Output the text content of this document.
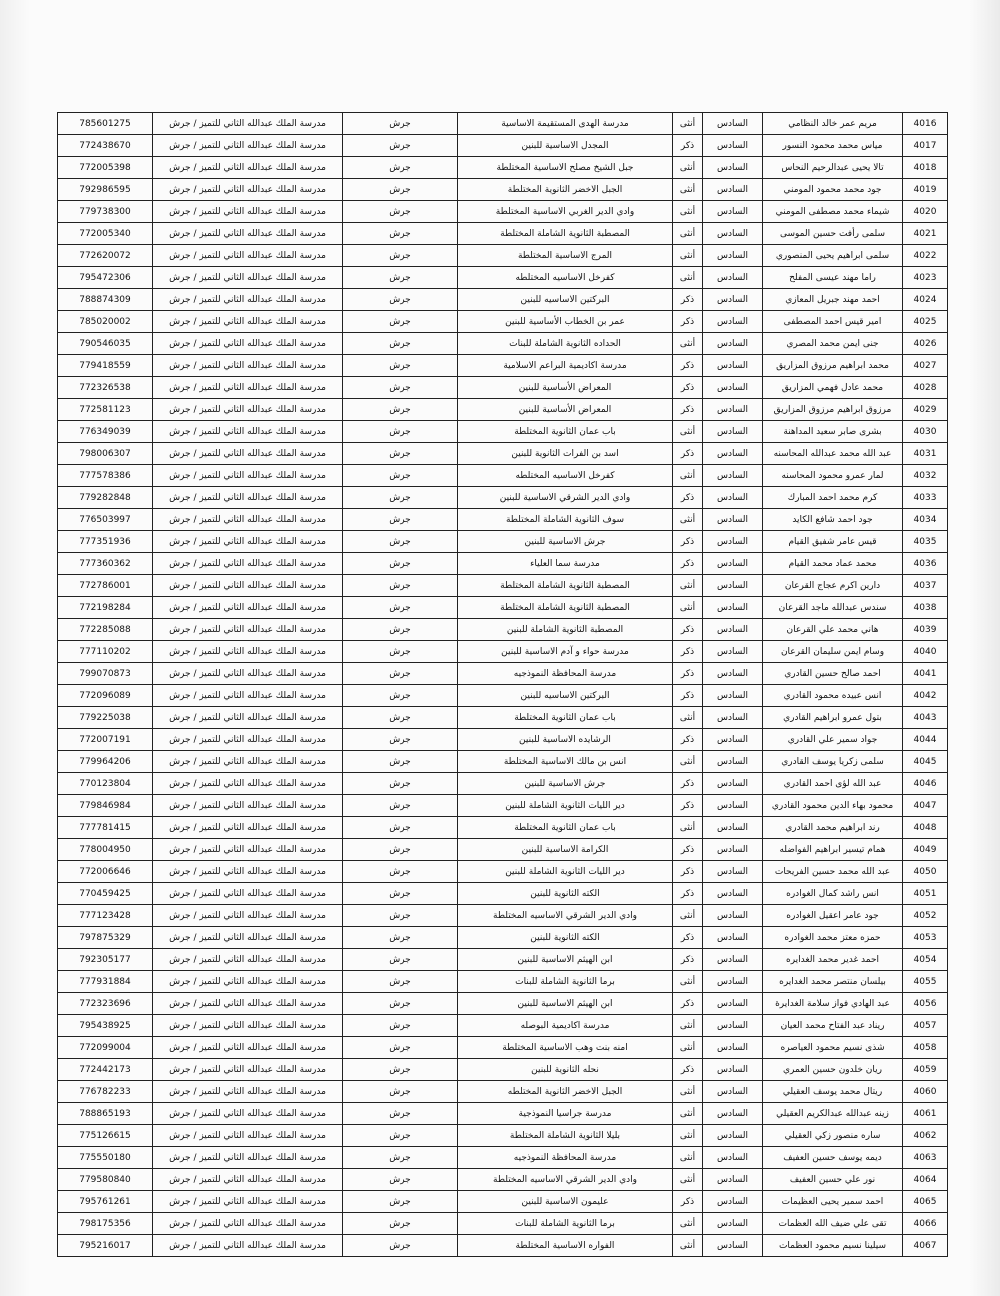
4016	مريم عمر خالد النظامي	السادس	أنثى	مدرسة الهدى المستقيمة الاساسية	جرش	مدرسة الملك عبدالله الثاني للتميز / جرش	785601275
4017	مياس محمد محمود النسور	السادس	ذكر	المجدل الاساسية للبنين	جرش	مدرسة الملك عبدالله الثاني للتميز / جرش	772438670
4018	تالا يحيى عبدالرحيم النحاس	السادس	أنثى	جبل الشيخ مصلح الاساسية المختلطة	جرش	مدرسة الملك عبدالله الثاني للتميز / جرش	772005398
4019	جود محمد محمود المومني	السادس	أنثى	الجبل الاخضر الثانوية المختلطة	جرش	مدرسة الملك عبدالله الثاني للتميز / جرش	792986595
4020	شيماء محمد مصطفى المومني	السادس	أنثى	وادي الدير الغربي الاساسية المختلطة	جرش	مدرسة الملك عبدالله الثاني للتميز / جرش	779738300
4021	سلمى رأفت حسين الموسى	السادس	أنثى	المصطبة الثانوية الشاملة المختلطة	جرش	مدرسة الملك عبدالله الثاني للتميز / جرش	772005340
4022	سلمى ابراهيم يحيى المنصوري	السادس	أنثى	المرج الاساسية المختلطة	جرش	مدرسة الملك عبدالله الثاني للتميز / جرش	772620072
4023	راما مهند عيسى المفلح	السادس	أنثى	كفرخل الاساسيه المختلطه	جرش	مدرسة الملك عبدالله الثاني للتميز / جرش	795472306
4024	احمد مهند جبريل المعازي	السادس	ذكر	البركتين الاساسيه للبنين	جرش	مدرسة الملك عبدالله الثاني للتميز / جرش	788874309
4025	امير قيس احمد المصطفى	السادس	ذكر	عمر بن الخطاب الأساسية للبنين	جرش	مدرسة الملك عبدالله الثاني للتميز / جرش	785020002
4026	جنى ايمن محمد المصري	السادس	أنثى	الحداده الثانوية الشاملة للبنات	جرش	مدرسة الملك عبدالله الثاني للتميز / جرش	790546035
4027	محمد ابراهيم مرزوق المزاريق	السادس	ذكر	مدرسة اكاديمية البراعم الاسلامية	جرش	مدرسة الملك عبدالله الثاني للتميز / جرش	779418559
4028	محمد عادل فهمي المزاريق	السادس	ذكر	المعراض الأساسية للبنين	جرش	مدرسة الملك عبدالله الثاني للتميز / جرش	772326538
4029	مرزوق ابراهيم مرزوق المزاريق	السادس	ذكر	المعراض الأساسية للبنين	جرش	مدرسة الملك عبدالله الثاني للتميز / جرش	772581123
4030	بشرى صابر سعيد المداهنة	السادس	أنثى	باب عمان الثانوية المختلطة	جرش	مدرسة الملك عبدالله الثاني للتميز / جرش	776349039
4031	عبد الله محمد عبدالله المحاسنه	السادس	ذكر	اسد بن الفرات الثانوية للبنين	جرش	مدرسة الملك عبدالله الثاني للتميز / جرش	798006307
4032	لمار عمرو محمود المحاسنه	السادس	أنثى	كفرخل الاساسيه المختلطه	جرش	مدرسة الملك عبدالله الثاني للتميز / جرش	777578386
4033	كرم محمد احمد المبارك	السادس	ذكر	وادي الدير الشرقي الاساسية للبنين	جرش	مدرسة الملك عبدالله الثاني للتميز / جرش	779282848
4034	جود احمد شافع الكايد	السادس	أنثى	سوف الثانوية الشاملة المختلطة	جرش	مدرسة الملك عبدالله الثاني للتميز / جرش	776503997
4035	قيس عامر شفيق القيام	السادس	ذكر	جرش الاساسية للبنين	جرش	مدرسة الملك عبدالله الثاني للتميز / جرش	777351936
4036	محمد عماد محمد القيام	السادس	ذكر	مدرسة سما العلياء	جرش	مدرسة الملك عبدالله الثاني للتميز / جرش	777360362
4037	دارين اكرم عجاج القرعان	السادس	أنثى	المصطبة الثانوية الشاملة المختلطة	جرش	مدرسة الملك عبدالله الثاني للتميز / جرش	772786001
4038	سندس عبدالله ماجد القرعان	السادس	أنثى	المصطبة الثانوية الشاملة المختلطة	جرش	مدرسة الملك عبدالله الثاني للتميز / جرش	772198284
4039	هاني محمد علي القرعان	السادس	ذكر	المصطبة الثانوية الشاملة للبنين	جرش	مدرسة الملك عبدالله الثاني للتميز / جرش	772285088
4040	وسام ايمن سليمان القرعان	السادس	ذكر	مدرسة حواء و آدم الاساسية للبنين	جرش	مدرسة الملك عبدالله الثاني للتميز / جرش	777110202
4041	احمد صالح حسين القادري	السادس	ذكر	مدرسة المحافظة النموذجيه	جرش	مدرسة الملك عبدالله الثاني للتميز / جرش	799070873
4042	انس عبيده محمود القادري	السادس	ذكر	البركتين الاساسيه للبنين	جرش	مدرسة الملك عبدالله الثاني للتميز / جرش	772096089
4043	بتول عمرو ابراهيم القادري	السادس	أنثى	باب عمان الثانوية المختلطة	جرش	مدرسة الملك عبدالله الثاني للتميز / جرش	779225038
4044	جواد سمير علي القادري	السادس	ذكر	الرشايده الاساسية للبنين	جرش	مدرسة الملك عبدالله الثاني للتميز / جرش	772007191
4045	سلمى زكريا يوسف القادري	السادس	أنثى	انس بن مالك الاساسية المختلطة	جرش	مدرسة الملك عبدالله الثاني للتميز / جرش	779964206
4046	عبد الله لؤى احمد القادري	السادس	ذكر	جرش الاساسية للبنين	جرش	مدرسة الملك عبدالله الثاني للتميز / جرش	770123804
4047	محمود بهاء الدين محمود القادري	السادس	ذكر	دير الليات الثانوية الشاملة للبنين	جرش	مدرسة الملك عبدالله الثاني للتميز / جرش	779846984
4048	رند ابراهيم محمد القادري	السادس	أنثى	باب عمان الثانوية المختلطة	جرش	مدرسة الملك عبدالله الثاني للتميز / جرش	777781415
4049	همام تيسير ابراهيم الفواضله	السادس	ذكر	الكرامة الاساسية للبنين	جرش	مدرسة الملك عبدالله الثاني للتميز / جرش	778004950
4050	عبد الله محمد حسين الفريحات	السادس	ذكر	دير الليات الثانوية الشاملة للبنين	جرش	مدرسة الملك عبدالله الثاني للتميز / جرش	772006646
4051	انس راشد كمال الغوادره	السادس	ذكر	الكته الثانوية للبنين	جرش	مدرسة الملك عبدالله الثاني للتميز / جرش	770459425
4052	جود عامر اعقيل الغوادره	السادس	أنثى	وادي الدير الشرقي الاساسيه المختلطة	جرش	مدرسة الملك عبدالله الثاني للتميز / جرش	777123428
4053	حمزه معتز محمد الغوادره	السادس	ذكر	الكته الثانوية للبنين	جرش	مدرسة الملك عبدالله الثاني للتميز / جرش	797875329
4054	احمد غدير محمد الغدايره	السادس	ذكر	ابن الهيثم الاساسية للبنين	جرش	مدرسة الملك عبدالله الثاني للتميز / جرش	792305177
4055	بيلسان منتصر محمد الغدايره	السادس	أنثى	برما الثانوية الشاملة للبنات	جرش	مدرسة الملك عبدالله الثاني للتميز / جرش	777931884
4056	عبد الهادي فواز سلامة الغدايرة	السادس	ذكر	ابن الهيثم الاساسية للبنين	جرش	مدرسة الملك عبدالله الثاني للتميز / جرش	772323696
4057	ريناد عبد الفتاح محمد العيان	السادس	أنثى	مدرسة اكاديمية البوصله	جرش	مدرسة الملك عبدالله الثاني للتميز / جرش	795438925
4058	شذى نسيم محمود العياصره	السادس	أنثى	امنه بنت وهب الاساسية المختلطة	جرش	مدرسة الملك عبدالله الثاني للتميز / جرش	772099004
4059	ريان خلدون حسين العمري	السادس	ذكر	نحله الثانوية للبنين	جرش	مدرسة الملك عبدالله الثاني للتميز / جرش	772442173
4060	ريتال محمد يوسف العقيلي	السادس	أنثى	الجبل الاخضر الثانوية المختلطه	جرش	مدرسة الملك عبدالله الثاني للتميز / جرش	776782233
4061	زينه عبدالله عبدالكريم العقيلي	السادس	أنثى	مدرسة جراسيا النموذجية	جرش	مدرسة الملك عبدالله الثاني للتميز / جرش	788865193
4062	ساره منصور زكي العقيلي	السادس	أنثى	بليلا الثانوية الشاملة المختلطة	جرش	مدرسة الملك عبدالله الثاني للتميز / جرش	775126615
4063	ديمه يوسف حسين العفيف	السادس	أنثى	مدرسة المحافظة النموذجيه	جرش	مدرسة الملك عبدالله الثاني للتميز / جرش	775550180
4064	نور علي حسين العفيف	السادس	أنثى	وادي الدير الشرقي الاساسيه المختلطة	جرش	مدرسة الملك عبدالله الثاني للتميز / جرش	779580840
4065	احمد سمير يحيى العظيمات	السادس	ذكر	عليمون الاساسية للبنين	جرش	مدرسة الملك عبدالله الثاني للتميز / جرش	795761261
4066	تقى علي ضيف الله العظمات	السادس	أنثى	برما الثانوية الشاملة للبنات	جرش	مدرسة الملك عبدالله الثاني للتميز / جرش	798175356
4067	سيلينا نسيم محمود العظمات	السادس	أنثى	الفواره الاساسية المختلطة	جرش	مدرسة الملك عبدالله الثاني للتميز / جرش	795216017
